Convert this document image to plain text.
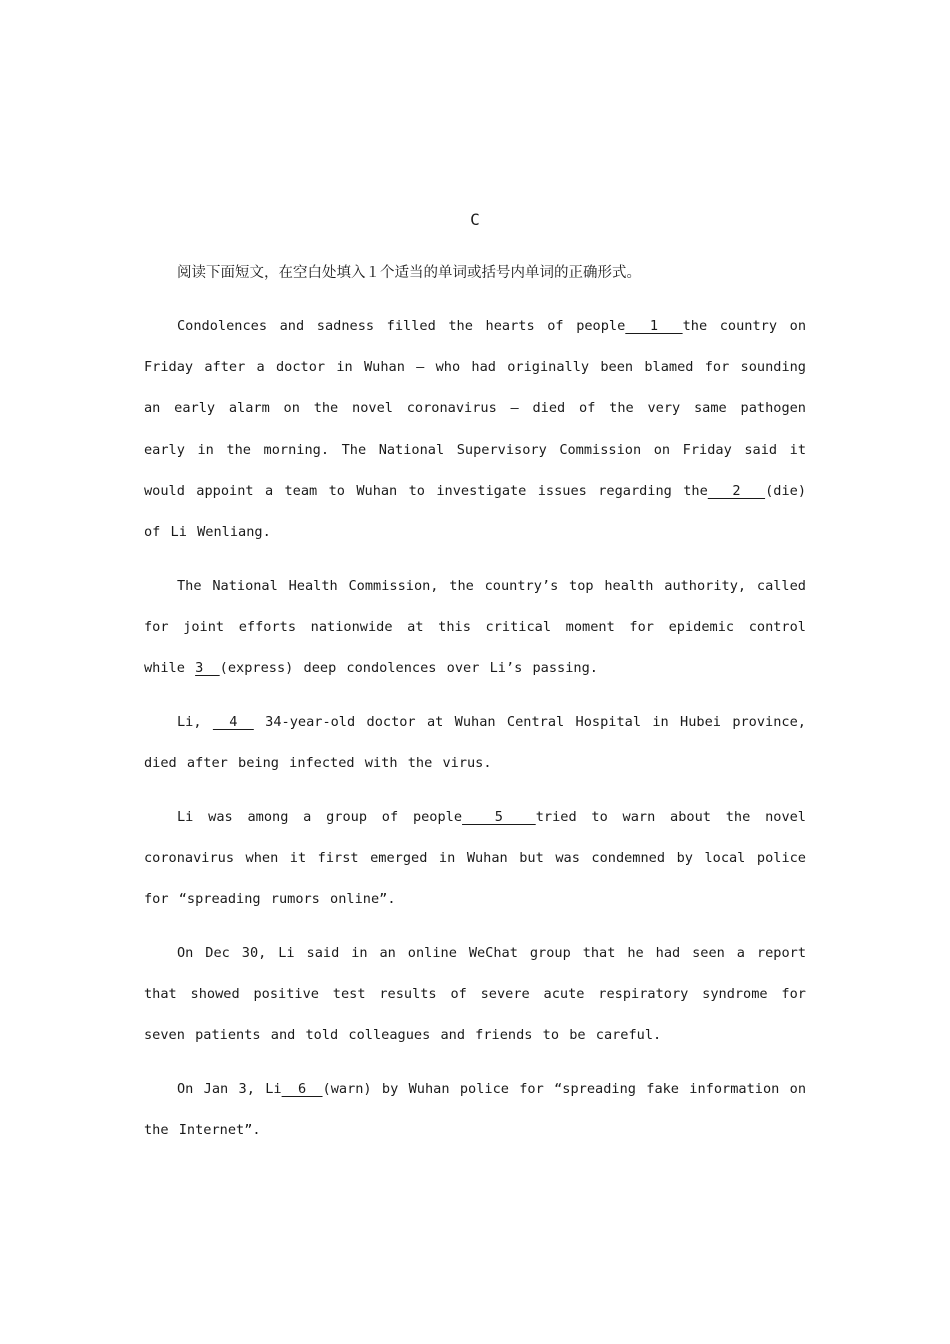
C

阅读下面短文，在空白处填入１个适当的单词或括号内单词的正确形式。

Condolences and sadness filled the hearts of people   1   the country on Friday after a doctor in Wuhan — who had originally been blamed for sounding an early alarm on the novel coronavirus — died of the very same pathogen early in the morning. The National Supervisory Commission on Friday said it would appoint a team to Wuhan to investigate issues regarding the   2   (die) of Li Wenliang.

The National Health Commission, the country’s top health authority, called for joint efforts nationwide at this critical moment for epidemic control while 3  (express) deep condolences over Li’s passing.

Li,   4   34-year-old doctor at Wuhan Central Hospital in Hubei province, died after being infected with the virus.

Li was among a group of people    5    tried to warn about the novel coronavirus when it first emerged in Wuhan but was condemned by local police for “spreading rumors online”.

On Dec 30, Li said in an online WeChat group that he had seen a report that showed positive test results of severe acute respiratory syndrome for seven patients and told colleagues and friends to be careful.

On Jan 3, Li  6  (warn) by Wuhan police for “spreading fake information on the Internet”.
